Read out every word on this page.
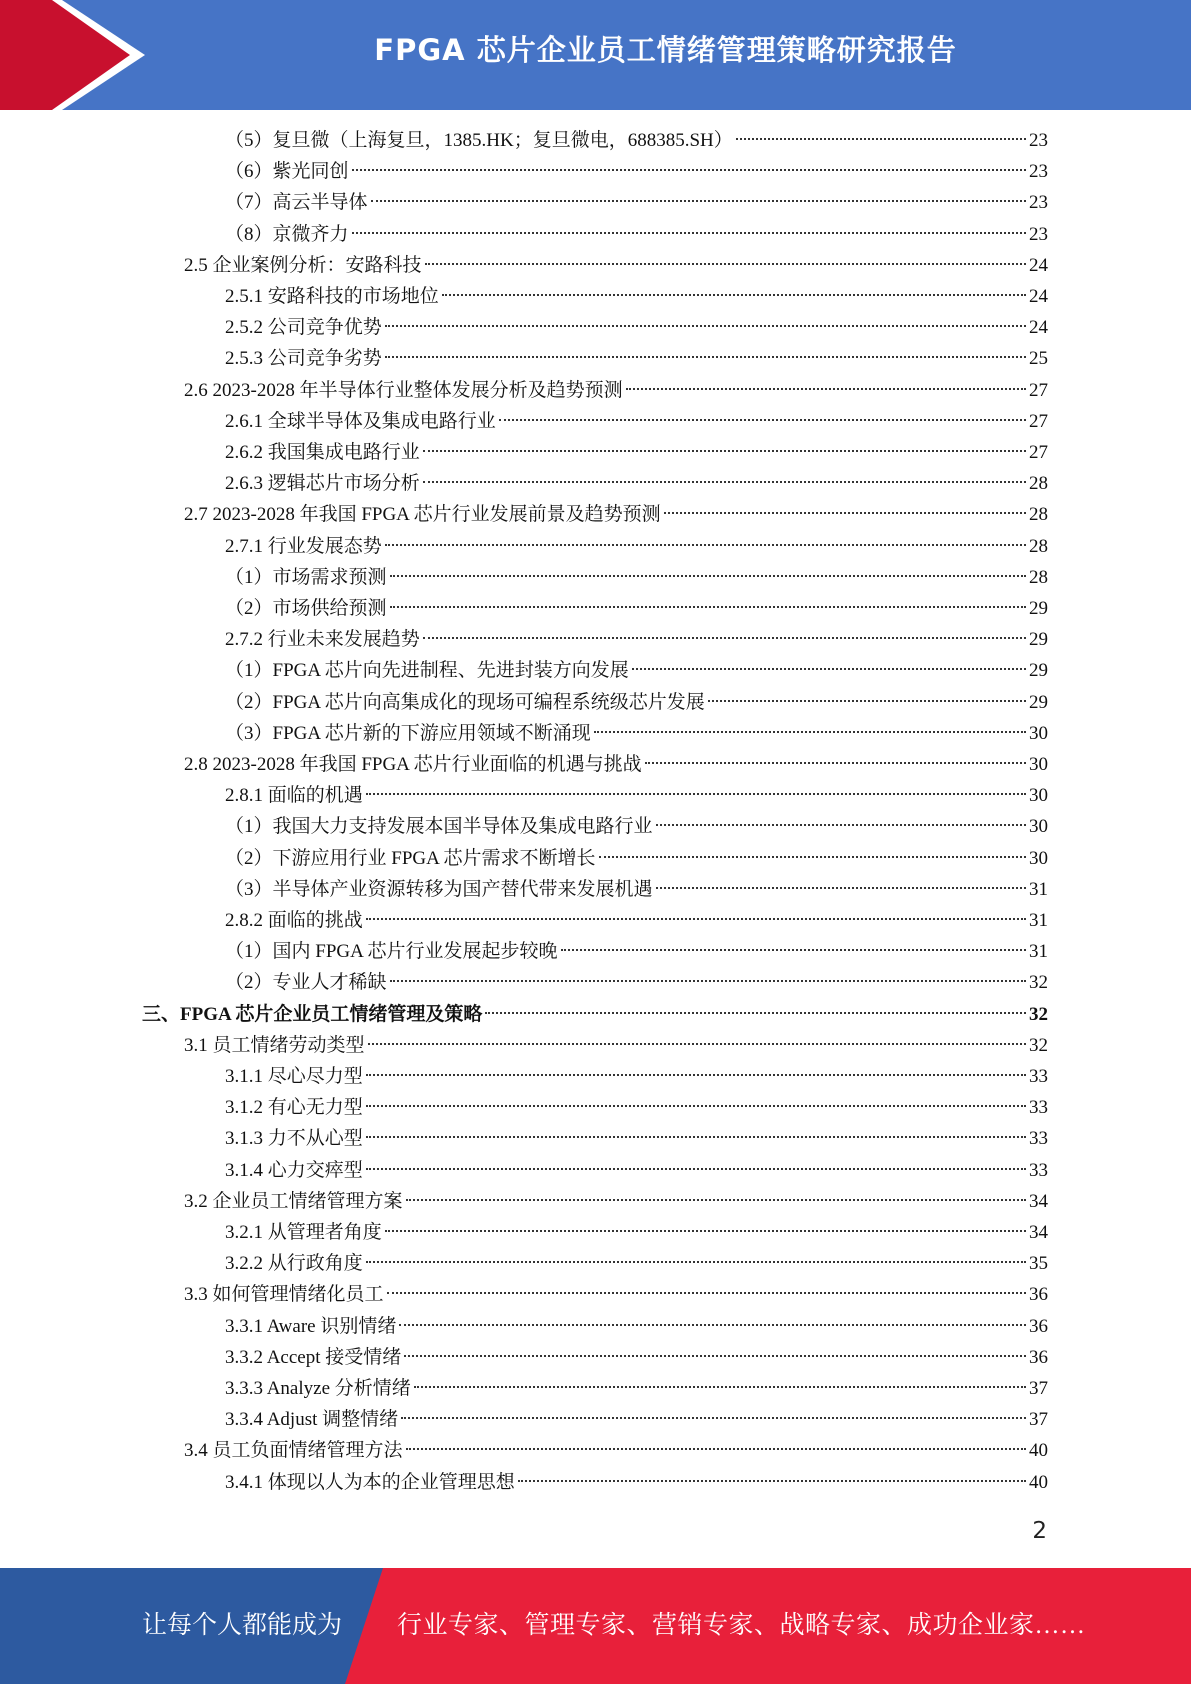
FPGA 芯片企业员工情绪管理策略研究报告
（5）复旦微（上海复旦，1385.HK；复旦微电，688385.SH）	23
（6）紫光同创	23
（7）高云半导体	23
（8）京微齐力	23
2.5 企业案例分析：安路科技	24
2.5.1 安路科技的市场地位	24
2.5.2 公司竞争优势	24
2.5.3 公司竞争劣势	25
2.6 2023-2028 年半导体行业整体发展分析及趋势预测	27
2.6.1 全球半导体及集成电路行业	27
2.6.2 我国集成电路行业	27
2.6.3 逻辑芯片市场分析	28
2.7 2023-2028 年我国 FPGA 芯片行业发展前景及趋势预测	28
2.7.1 行业发展态势	28
（1）市场需求预测	28
（2）市场供给预测	29
2.7.2 行业未来发展趋势	29
（1）FPGA 芯片向先进制程、先进封装方向发展	29
（2）FPGA 芯片向高集成化的现场可编程系统级芯片发展	29
（3）FPGA 芯片新的下游应用领域不断涌现	30
2.8 2023-2028 年我国 FPGA 芯片行业面临的机遇与挑战	30
2.8.1 面临的机遇	30
（1）我国大力支持发展本国半导体及集成电路行业	30
（2）下游应用行业 FPGA 芯片需求不断增长	30
（3）半导体产业资源转移为国产替代带来发展机遇	31
2.8.2 面临的挑战	31
（1）国内 FPGA 芯片行业发展起步较晚	31
（2）专业人才稀缺	32
三、FPGA 芯片企业员工情绪管理及策略	32
3.1 员工情绪劳动类型	32
3.1.1 尽心尽力型	33
3.1.2 有心无力型	33
3.1.3 力不从心型	33
3.1.4 心力交瘁型	33
3.2 企业员工情绪管理方案	34
3.2.1 从管理者角度	34
3.2.2 从行政角度	35
3.3 如何管理情绪化员工	36
3.3.1 Aware 识别情绪	36
3.3.2 Accept 接受情绪	36
3.3.3 Analyze 分析情绪	37
3.3.4 Adjust 调整情绪	37
3.4 员工负面情绪管理方法	40
3.4.1 体现以人为本的企业管理思想	40
2
让每个人都能成为 行业专家、管理专家、营销专家、战略专家、成功企业家……
